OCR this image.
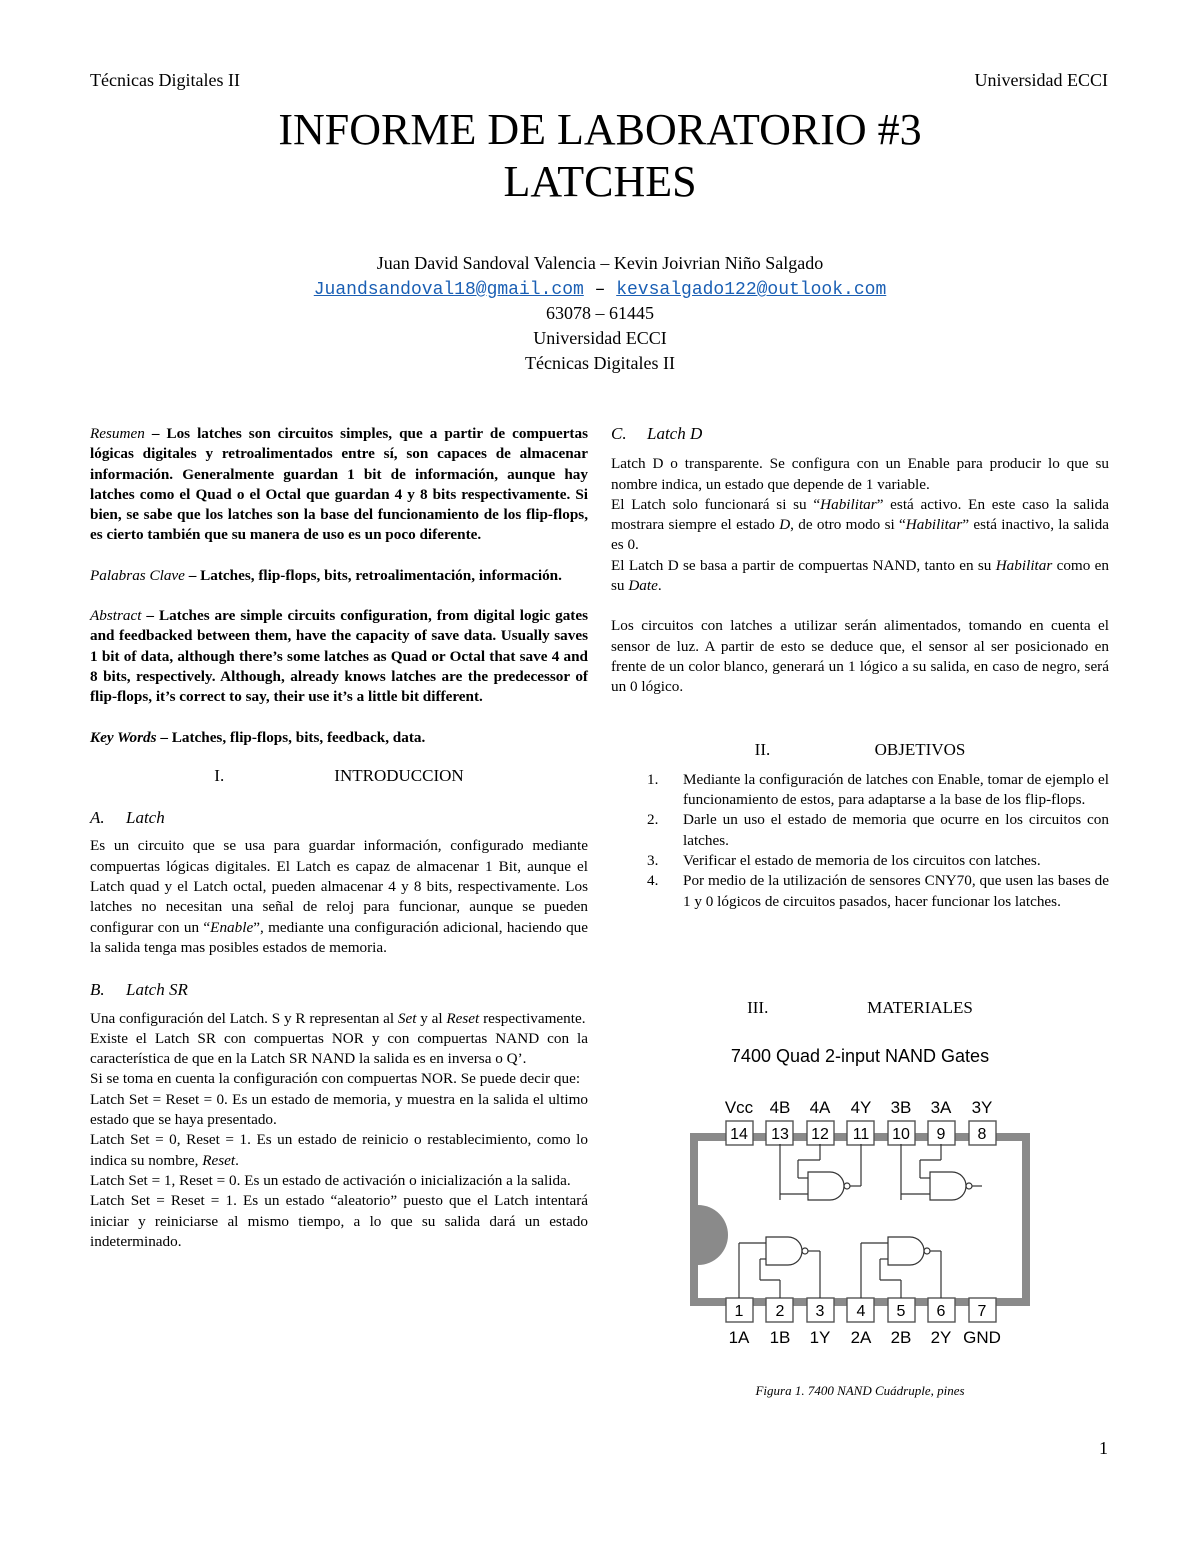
Técnicas Digitales II	Universidad ECCI
INFORME DE LABORATORIO #3
LATCHES
Juan David Sandoval Valencia – Kevin Joivrian Niño Salgado
Juandsandoval18@gmail.com – kevsalgado122@outlook.com
63078 – 61445
Universidad ECCI
Técnicas Digitales II

Resumen – Los latches son circuitos simples, que a partir de compuertas lógicas digitales y retroalimentados entre sí, son capaces de almacenar información. Generalmente guardan 1 bit de información, aunque hay latches como el Quad o el Octal que guardan 4 y 8 bits respectivamente. Si bien, se sabe que los latches son la base del funcionamiento de los flip-flops, es cierto también que su manera de uso es un poco diferente.

Palabras Clave – Latches, flip-flops, bits, retroalimentación, información.

Abstract – Latches are simple circuits configuration, from digital logic gates and feedbacked between them, have the capacity of save data. Usually saves 1 bit of data, although there’s some latches as Quad or Octal that save 4 and 8 bits, respectively. Although, already knows latches are the predecessor of flip-flops, it’s correct to say, their use it’s a little bit different.

Key Words – Latches, flip-flops, bits, feedback, data.

I.	INTRODUCCION

A. Latch

Es un circuito que se usa para guardar información, configurado mediante compuertas lógicas digitales. El Latch es capaz de almacenar 1 Bit, aunque el Latch quad y el Latch octal, pueden almacenar 4 y 8 bits, respectivamente. Los latches no necesitan una señal de reloj para funcionar, aunque se pueden configurar con un “Enable”, mediante una configuración adicional, haciendo que la salida tenga mas posibles estados de memoria.

B. Latch SR

Una configuración del Latch. S y R representan al Set y al Reset respectivamente.

Existe el Latch SR con compuertas NOR y con compuertas NAND con la característica de que en la Latch SR NAND la salida es en inversa o Q’.

Si se toma en cuenta la configuración con compuertas NOR. Se puede decir que:

Latch Set = Reset = 0. Es un estado de memoria, y muestra en la salida el ultimo estado que se haya presentado.

Latch Set = 0, Reset = 1. Es un estado de reinicio o restablecimiento, como lo indica su nombre, Reset.

Latch Set = 1, Reset = 0. Es un estado de activación o inicialización a la salida.

Latch Set = Reset = 1. Es un estado “aleatorio” puesto que el Latch intentará iniciar y reiniciarse al mismo tiempo, a lo que su salida dará un estado indeterminado.

C. Latch D

Latch D o transparente. Se configura con un Enable para producir lo que su nombre indica, un estado que depende de 1 variable.

El Latch solo funcionará si su “Habilitar” está activo. En este caso la salida mostrara siempre el estado D, de otro modo si “Habilitar” está inactivo, la salida es 0.

El Latch D se basa a partir de compuertas NAND, tanto en su Habilitar como en su Date.

Los circuitos con latches a utilizar serán alimentados, tomando en cuenta el sensor de luz. A partir de esto se deduce que, el sensor al ser posicionado en frente de un color blanco, generará un 1 lógico a su salida, en caso de negro, será un 0 lógico.

II.	OBJETIVOS

1. Mediante la configuración de latches con Enable, tomar de ejemplo el funcionamiento de estos, para adaptarse a la base de los flip-flops.
2. Darle un uso el estado de memoria que ocurre en los circuitos con latches.
3. Verificar el estado de memoria de los circuitos con latches.
4. Por medio de la utilización de sensores CNY70, que usen las bases de 1 y 0 lógicos de circuitos pasados, hacer funcionar los latches.

III.	MATERIALES

7400 Quad 2-input NAND Gates
Vcc 4B 4A 4Y 3B 3A 3Y
14 13 12 11 10 9 8
1 2 3 4 5 6 7
1A 1B 1Y 2A 2B 2Y GND
Figura 1. 7400 NAND Cuádruple, pines
1
